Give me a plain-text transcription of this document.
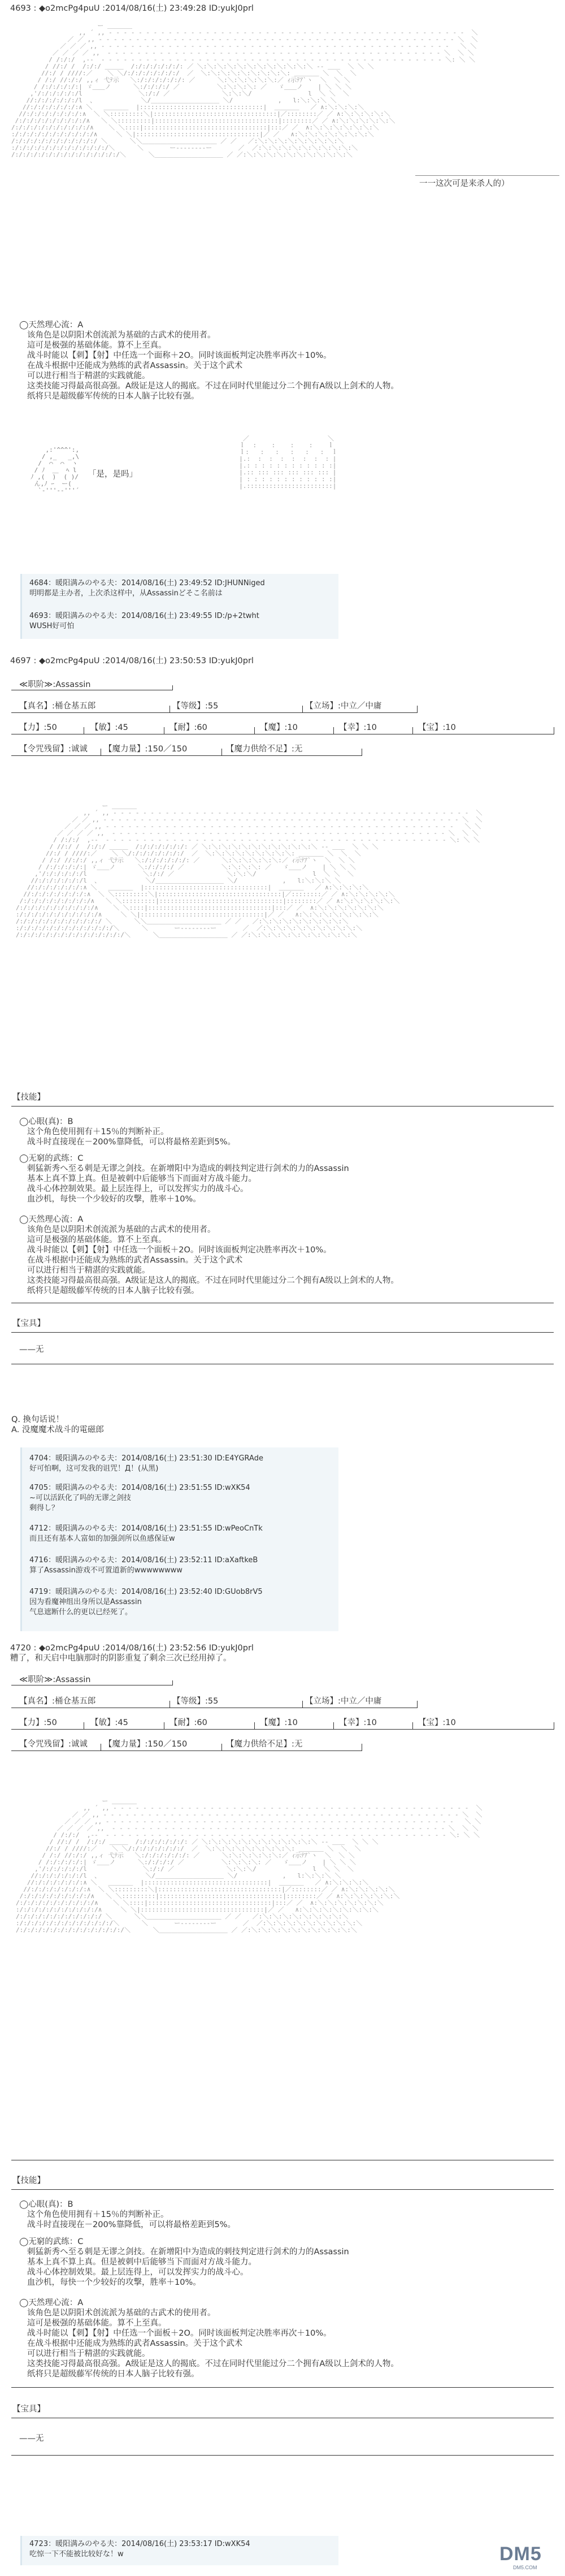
4693 : ◆o2mcPg4puU :2014/08/16(土) 23:49:28 ID:yukJ0prl
ー ＿＿＿＿
,, ´ ,, ‐ ‐ ‐ ‐ ‐ ‐ ‐ ‐ ‐ ‐ ‐ ‐ ‐ ‐ ‐ ‐ ‐ ‐ ‐ ‐ ‐ ‐ ‐ ‐ ‐ ‐ ‐ ‐ ‐ ‐ ‐ ‐ ‐ ‐ ‐ ‐ ‐ ‐ ‐ ‐ ‐ ‐ ‐ ‐ ‐ ‐ ‐ ‐  ＼
／ ／ ,, ‐ ‐ ‐ ‐ ‐ ‐ ‐ ‐ ‐ ‐ ‐ ‐ ‐ ‐ ‐ ‐ ‐ ‐ ‐ ‐ ‐ ‐ ‐ ‐ ‐ ‐ ‐ ‐ ‐ ‐ ‐ ‐ ‐ ‐ ‐ ‐ ‐ ‐ ‐ ‐ ‐ ‐ ‐ ‐ ‐ ‐ ‐ ‐ ＼  ＼
／ ／ ／ ,, ‐ ‐ ‐ ‐ ‐ ‐ ‐ ‐ ‐ ‐ ‐ ‐ ‐ ‐ ‐ ‐ ‐ ‐ ‐ ‐ ‐ ‐ ‐ ‐ ‐ ‐ ‐ ‐ ‐ ‐ ‐ ‐ ‐ ‐ ‐ ‐ ‐ ‐ ‐ ‐ ‐ ‐ ‐ ‐ ‐ ‐ ‐   ＼ ＼
／ ／ ／ ／ ,,  ‐ ‐ ‐ ‐ ‐ ‐ ‐ ‐ ‐ ‐ ‐ ‐ ‐ ‐ ‐ ‐ ‐ ‐ ‐ ‐ ‐ ‐ ‐ ‐ ‐ ‐ ‐ ‐ ‐ ‐ ‐ ‐ ‐ ‐ ‐ ‐ ‐ ‐ ‐ ‐ ‐ ‐ ‐ ‐ ‐ ＼  ＼ ＼
/ /:/:/  ,-‐  ‐ ‐ ‐ ‐ ‐ ‐ ‐ ‐ ‐ ‐ ‐ ‐ ‐ ‐ ‐ ‐ ‐ ‐ ‐ ‐ ‐ ‐ ‐ ‐ ‐ ‐ ‐ ‐ ‐ ‐ ‐ ‐ ‐ ‐ ‐ ‐ ‐ ‐ ‐ ‐ ‐ ‐ ‐ ‐ ‐ ‐ ＼: ＼ ＼
/ //:/ /  /:/:/ ＿＿＿  /:/:/:/:/:/:/: ／ ＼:＼:＼:＼:＼:＼:＼:＼:＼:＼:＼:＼ ‐‐ ＿＿  ＼ ＼ ＼
//:/ / ////:／    ＼ ＼/:/:/:/:/:/:/:/  ／  ＼:＼:＼:＼:＼:＼:＼:＼:＼: ＿＿＿＿ ＼  ＼  ＼
/ /:/ //:/:/ ,,ィ 弋ﾃ示   ＼:/:/:/:/:/:/: ／      ＼:＼:＼:＼:＼:＼:／ ｨ示ﾃｱ`ヽ  ＼  ＼ ＼
/ /:/:/:/:/:| ゞ＿＿ノ      ＼:/:/:/:/ ／          ＼:＼:＼:＼: ／   ゞ＿＿ノ    | ＼ ＼ ＼
,'/:/:/:/:/:/l               ＼:/:/ ／              ＼:＼:＼/               l  ＼ ＼  ＼
//:/:/:/:/:/:/l  、            ＼/＿＿＿＿＿＿＿＿＿＿＿ ＼/            ,   l:＼:＼:＼ ＼
//:/:/:/:/:/:/:∧ ＼   ＿＿＿＿  |:::::::::::::::::::::::::::::::::|  ＿＿＿＿   ／ ∧:＼:＼:＼:＼
//:/:/:/:/:/:/:/:∧  ＼ ＼:::::::::＼|:::::::::::::::::::::::::::::::::|／::::::::／ ／ ∧:＼:＼:＼:＼:＼
/:/:/:/:/:/:/:/:/:/∧   ＼ ＼:::::::::|:::::::::::::::::::::::::::::::::|::::::::／ ／ ∧:＼:＼:＼:＼:＼:＼
/:/:/:/:/:/:/:/:/:/:/∧    ＼ ＼::::|:::::::::::::::::::::::::::::::::|:::／ ／  ∧:＼:＼:＼:＼:＼:＼:＼
:/:/:/:/:/:/:/:/:/:/:/∧     ＼ ＼|:::::::::::::::::::::::::::::::::|／ ／   ∧:＼:＼:＼:＼:＼:＼:＼:＼
/:/:/:/:/:/:/:/:/:/:/:/ ＼      ＼＼＿＿＿＿＿＿＿＿＿＿＿＿ ／ ／   ／:＼:＼:＼:＼:＼:＼:＼:＼:＼
:/:/:/:/:/:/:/:/:/:/:/:/:/＼      ＼       ー‐‐‐‐‐‐‐‐ー       ／  ／:＼:＼:＼:＼:＼:＼:＼:＼:＼:＼
/:/:/:/:/:/:/:/:/:/:/:/:/:/:/＼      ＼＿＿＿＿＿＿＿＿＿＿＿ ／ ／:＼:＼:＼:＼:＼:＼:＼:＼:＼:＼:＼

一一这次可是来杀人的）
◯天然理心流：A
该角色是以阴阳术创流派为基础的古武术的使用者。
這可是极强的基础体能。算不上至真。
战斗时能以【刺】【射】中任选一个面称＋2O。同时该面板判定决胜率再次＋10%。
在战斗根据中还能成为熟练的武者Assassin。关于这个武术
可以进行相当于精湛的实践就能。
这类技能习得最高很高强。A级证是这人的揭底。不过在同时代里能过分二个拥有A级以上剑术的人物。
纸将只是超级藤军传统的日本人脑子比较有强。
,:'^^^':,
/ ,_   _,\
/  ⌒  ⌒  ヽ
/ ﾉ  ＿  ﾍ l
ﾉ ,(  )  ( )/
ん,ﾉ ｰ  ー(
`-'''--'''´
「是，是吗」
／                     ＼
ｌ  :    :    :    :    ｌ
ｌ:   :   :   :   :   :  ｌ
|.:  :  :  :  :  :  :  : |
|.: : : : : : : : : : : :|
|.:: ::: ::: ::: ::: ::: |
| : : : : : : : : : : : :|
|.:::::::::::::::::::::::|
4684：暖阳满みのやる夫：2014/08/16(土) 23:49:52 ID:JHUNNiged
明明都是主办者，上次杀这样中，从Assassinどそこ名前は
4693：暖阳满みのやる夫：2014/08/16(土) 23:49:55 ID:/p+2twht
WUSH好可怕
4697 : ◆o2mcPg4puU :2014/08/16(土) 23:50:53 ID:yukJ0prl
≪职阶≫:Assassin
【真名】:桶仓基五郎	【等级】:55	【立场】:中立／中庸
【力】:50	【敏】:45	【耐】:60	【魔】:10	【幸】:10	【宝】:10
【令咒残留】:诚诚 【魔力量】:150／150	【魔力供给不足】:无
ー ＿＿＿＿
,, ´ ,, ‐ ‐ ‐ ‐ ‐ ‐ ‐ ‐ ‐ ‐ ‐ ‐ ‐ ‐ ‐ ‐ ‐ ‐ ‐ ‐ ‐ ‐ ‐ ‐ ‐ ‐ ‐ ‐ ‐ ‐ ‐ ‐ ‐ ‐ ‐ ‐ ‐ ‐ ‐ ‐ ‐ ‐ ‐ ‐ ‐ ‐ ‐ ‐  ＼
／ ／ ,, ‐ ‐ ‐ ‐ ‐ ‐ ‐ ‐ ‐ ‐ ‐ ‐ ‐ ‐ ‐ ‐ ‐ ‐ ‐ ‐ ‐ ‐ ‐ ‐ ‐ ‐ ‐ ‐ ‐ ‐ ‐ ‐ ‐ ‐ ‐ ‐ ‐ ‐ ‐ ‐ ‐ ‐ ‐ ‐ ‐ ‐ ‐ ‐ ＼  ＼
／ ／ ／ ,, ‐ ‐ ‐ ‐ ‐ ‐ ‐ ‐ ‐ ‐ ‐ ‐ ‐ ‐ ‐ ‐ ‐ ‐ ‐ ‐ ‐ ‐ ‐ ‐ ‐ ‐ ‐ ‐ ‐ ‐ ‐ ‐ ‐ ‐ ‐ ‐ ‐ ‐ ‐ ‐ ‐ ‐ ‐ ‐ ‐ ‐ ‐   ＼ ＼
／ ／ ／ ／ ,,  ‐ ‐ ‐ ‐ ‐ ‐ ‐ ‐ ‐ ‐ ‐ ‐ ‐ ‐ ‐ ‐ ‐ ‐ ‐ ‐ ‐ ‐ ‐ ‐ ‐ ‐ ‐ ‐ ‐ ‐ ‐ ‐ ‐ ‐ ‐ ‐ ‐ ‐ ‐ ‐ ‐ ‐ ‐ ‐ ‐ ＼  ＼ ＼
/ /:/:/  ,-‐  ‐ ‐ ‐ ‐ ‐ ‐ ‐ ‐ ‐ ‐ ‐ ‐ ‐ ‐ ‐ ‐ ‐ ‐ ‐ ‐ ‐ ‐ ‐ ‐ ‐ ‐ ‐ ‐ ‐ ‐ ‐ ‐ ‐ ‐ ‐ ‐ ‐ ‐ ‐ ‐ ‐ ‐ ‐ ‐ ‐ ‐ ＼: ＼ ＼
/ //:/ /  /:/:/ ＿＿＿  /:/:/:/:/:/:/: ／ ＼:＼:＼:＼:＼:＼:＼:＼:＼:＼:＼:＼ ‐‐ ＿＿  ＼ ＼ ＼
//:/ / ////:／    ＼ ＼/:/:/:/:/:/:/:/  ／  ＼:＼:＼:＼:＼:＼:＼:＼:＼: ＿＿＿＿ ＼  ＼  ＼
/ /:/ //:/:/ ,,ィ 弋ﾃ示   ＼:/:/:/:/:/:/: ／      ＼:＼:＼:＼:＼:＼:／ ｨ示ﾃｱ`ヽ  ＼  ＼ ＼
/ /:/:/:/:/:| ゞ＿＿ノ      ＼:/:/:/:/ ／          ＼:＼:＼:＼: ／   ゞ＿＿ノ    | ＼ ＼ ＼
,'/:/:/:/:/:/l               ＼:/:/ ／              ＼:＼:＼/               l  ＼ ＼  ＼
//:/:/:/:/:/:/l  、            ＼/＿＿＿＿＿＿＿＿＿＿＿ ＼/            ,   l:＼:＼:＼ ＼
//:/:/:/:/:/:/:∧ ＼   ＿＿＿＿  |:::::::::::::::::::::::::::::::::|  ＿＿＿＿   ／ ∧:＼:＼:＼:＼
//:/:/:/:/:/:/:/:∧  ＼ ＼:::::::::＼|:::::::::::::::::::::::::::::::::|／::::::::／ ／ ∧:＼:＼:＼:＼:＼
/:/:/:/:/:/:/:/:/:/∧   ＼ ＼:::::::::|:::::::::::::::::::::::::::::::::|::::::::／ ／ ∧:＼:＼:＼:＼:＼:＼
/:/:/:/:/:/:/:/:/:/:/∧    ＼ ＼::::|:::::::::::::::::::::::::::::::::|:::／ ／  ∧:＼:＼:＼:＼:＼:＼:＼
:/:/:/:/:/:/:/:/:/:/:/∧     ＼ ＼|:::::::::::::::::::::::::::::::::|／ ／   ∧:＼:＼:＼:＼:＼:＼:＼:＼
/:/:/:/:/:/:/:/:/:/:/:/ ＼      ＼＼＿＿＿＿＿＿＿＿＿＿＿＿ ／ ／   ／:＼:＼:＼:＼:＼:＼:＼:＼:＼
:/:/:/:/:/:/:/:/:/:/:/:/:/＼      ＼       ー‐‐‐‐‐‐‐‐ー       ／  ／:＼:＼:＼:＼:＼:＼:＼:＼:＼:＼
/:/:/:/:/:/:/:/:/:/:/:/:/:/:/＼      ＼＿＿＿＿＿＿＿＿＿＿＿ ／ ／:＼:＼:＼:＼:＼:＼:＼:＼:＼:＼:＼

【技能】
◯心眼(真)：B
这个角色使用拥有＋15％的判断补正。
战斗时直接现在－200%靠降低，可以将最格差距到5%。
◯无窮的武练：C
刺猛新秀へ至る刺是无谬之剑技。在新增阳中为造成的刺技判定进行剑术的力的Assassin
基本上真不算上真。但是被刺中后能够当下而面对方战斗能力。
战斗心体控制效果。最上层连得上，可以发挥实力的战斗心。
血沙机，每快一个少较好的攻撃，胜率＋10%。
◯天然理心流：A
该角色是以阴阳术创流派为基础的古武术的使用者。
這可是极强的基础体能。算不上至真。
战斗时能以【刺】【射】中任选一个面板＋2O。同时该面板判定决胜率再次＋10%。
在战斗根据中还能成为熟练的武者Assassin。关于这个武术
可以进行相当于精湛的实践就能。
这类技能习得最高很高强。A级证是这人的揭底。不过在同时代里能过分二个拥有A级以上剑术的人物。
纸将只是超级藤军传统的日本人脑子比较有强。
【宝具】
——无
Q. 換句话说！
A. 没魔魔术战斗的電磁郎
4704：暖阳满みのやる夫：2014/08/16(土) 23:51:30 ID:E4YGRAde
好可怕啊，这可发我的诅咒！Д！(从黑)
4705：暖阳满みのやる夫：2014/08/16(土) 23:51:55 ID:wXK54
~可以活跃化了吗的无谬之剑技
剩得し？
4712：暖阳满みのやる夫：2014/08/16(土) 23:51:55 ID:wPeoCnTk
而且还有基本人富如的加强剑所以鱼感保证w
4716：暖阳满みのやる夫：2014/08/16(土) 23:52:11 ID:aXaftkeB
算了Assassin游戏不可置道新的wwwwwwww
4719：暖阳满みのやる夫：2014/08/16(土) 23:52:40 ID:GUob8rV5
因为看魔神组出身所以是Assassin
气息遮断什么的更以已经死了。
4720 : ◆o2mcPg4puU :2014/08/16(土) 23:52:56 ID:yukJ0prl
糟了，和天启中电脑那时的阴影重复了剩余三次已经用掉了。
≪职阶≫:Assassin
【真名】:桶仓基五郎	【等级】:55	【立场】:中立／中庸
【力】:50	【敏】:45	【耐】:60	【魔】:10	【幸】:10	【宝】:10
【令咒残留】:诚诚 【魔力量】:150／150	【魔力供给不足】:无
ー ＿＿＿＿
,, ´ ,, ‐ ‐ ‐ ‐ ‐ ‐ ‐ ‐ ‐ ‐ ‐ ‐ ‐ ‐ ‐ ‐ ‐ ‐ ‐ ‐ ‐ ‐ ‐ ‐ ‐ ‐ ‐ ‐ ‐ ‐ ‐ ‐ ‐ ‐ ‐ ‐ ‐ ‐ ‐ ‐ ‐ ‐ ‐ ‐ ‐ ‐ ‐ ‐  ＼
／ ／ ,, ‐ ‐ ‐ ‐ ‐ ‐ ‐ ‐ ‐ ‐ ‐ ‐ ‐ ‐ ‐ ‐ ‐ ‐ ‐ ‐ ‐ ‐ ‐ ‐ ‐ ‐ ‐ ‐ ‐ ‐ ‐ ‐ ‐ ‐ ‐ ‐ ‐ ‐ ‐ ‐ ‐ ‐ ‐ ‐ ‐ ‐ ‐ ‐ ＼  ＼
／ ／ ／ ,, ‐ ‐ ‐ ‐ ‐ ‐ ‐ ‐ ‐ ‐ ‐ ‐ ‐ ‐ ‐ ‐ ‐ ‐ ‐ ‐ ‐ ‐ ‐ ‐ ‐ ‐ ‐ ‐ ‐ ‐ ‐ ‐ ‐ ‐ ‐ ‐ ‐ ‐ ‐ ‐ ‐ ‐ ‐ ‐ ‐ ‐ ‐   ＼ ＼
／ ／ ／ ／ ,,  ‐ ‐ ‐ ‐ ‐ ‐ ‐ ‐ ‐ ‐ ‐ ‐ ‐ ‐ ‐ ‐ ‐ ‐ ‐ ‐ ‐ ‐ ‐ ‐ ‐ ‐ ‐ ‐ ‐ ‐ ‐ ‐ ‐ ‐ ‐ ‐ ‐ ‐ ‐ ‐ ‐ ‐ ‐ ‐ ‐ ＼  ＼ ＼
/ /:/:/  ,-‐  ‐ ‐ ‐ ‐ ‐ ‐ ‐ ‐ ‐ ‐ ‐ ‐ ‐ ‐ ‐ ‐ ‐ ‐ ‐ ‐ ‐ ‐ ‐ ‐ ‐ ‐ ‐ ‐ ‐ ‐ ‐ ‐ ‐ ‐ ‐ ‐ ‐ ‐ ‐ ‐ ‐ ‐ ‐ ‐ ‐ ‐ ＼: ＼ ＼
/ //:/ /  /:/:/ ＿＿＿  /:/:/:/:/:/:/: ／ ＼:＼:＼:＼:＼:＼:＼:＼:＼:＼:＼:＼ ‐‐ ＿＿  ＼ ＼ ＼
//:/ / ////:／    ＼ ＼/:/:/:/:/:/:/:/  ／  ＼:＼:＼:＼:＼:＼:＼:＼:＼: ＿＿＿＿ ＼  ＼  ＼
/ /:/ //:/:/ ,,ィ 弋ﾃ示   ＼:/:/:/:/:/:/: ／      ＼:＼:＼:＼:＼:＼:／ ｨ示ﾃｱ`ヽ  ＼  ＼ ＼
/ /:/:/:/:/:| ゞ＿＿ノ      ＼:/:/:/:/ ／          ＼:＼:＼:＼: ／   ゞ＿＿ノ    | ＼ ＼ ＼
,'/:/:/:/:/:/l               ＼:/:/ ／              ＼:＼:＼/               l  ＼ ＼  ＼
//:/:/:/:/:/:/l  、            ＼/＿＿＿＿＿＿＿＿＿＿＿ ＼/            ,   l:＼:＼:＼ ＼
//:/:/:/:/:/:/:∧ ＼   ＿＿＿＿  |:::::::::::::::::::::::::::::::::|  ＿＿＿＿   ／ ∧:＼:＼:＼:＼
//:/:/:/:/:/:/:/:∧  ＼ ＼:::::::::＼|:::::::::::::::::::::::::::::::::|／::::::::／ ／ ∧:＼:＼:＼:＼:＼
/:/:/:/:/:/:/:/:/:/∧   ＼ ＼:::::::::|:::::::::::::::::::::::::::::::::|::::::::／ ／ ∧:＼:＼:＼:＼:＼:＼
/:/:/:/:/:/:/:/:/:/:/∧    ＼ ＼::::|:::::::::::::::::::::::::::::::::|:::／ ／  ∧:＼:＼:＼:＼:＼:＼:＼
:/:/:/:/:/:/:/:/:/:/:/∧     ＼ ＼|:::::::::::::::::::::::::::::::::|／ ／   ∧:＼:＼:＼:＼:＼:＼:＼:＼
/:/:/:/:/:/:/:/:/:/:/:/ ＼      ＼＼＿＿＿＿＿＿＿＿＿＿＿＿ ／ ／   ／:＼:＼:＼:＼:＼:＼:＼:＼:＼
:/:/:/:/:/:/:/:/:/:/:/:/:/＼      ＼       ー‐‐‐‐‐‐‐‐ー       ／  ／:＼:＼:＼:＼:＼:＼:＼:＼:＼:＼
/:/:/:/:/:/:/:/:/:/:/:/:/:/:/＼      ＼＿＿＿＿＿＿＿＿＿＿＿ ／ ／:＼:＼:＼:＼:＼:＼:＼:＼:＼:＼:＼

【技能】
◯心眼(真)：B
这个角色使用拥有＋15％的判断补正。
战斗时直接现在－200%靠降低，可以将最格差距到5%。
◯无窮的武练：C
刺猛新秀へ至る刺是无谬之剑技。在新增阳中为造成的刺技判定进行剑术的力的Assassin
基本上真不算上真。但是被刺中后能够当下而面对方战斗能力。
战斗心体控制效果。最上层连得上，可以发挥实力的战斗心。
血沙机，每快一个少较好的攻撃，胜率＋10%。
◯天然理心流：A
该角色是以阴阳术创流派为基础的古武术的使用者。
這可是极强的基础体能。算不上至真。
战斗时能以【刺】【射】中任选一个面板＋2O。同时该面板判定决胜率再次＋10%。
在战斗根据中还能成为熟练的武者Assassin。关于这个武术
可以进行相当于精湛的实践就能。
这类技能习得最高很高强。A级证是这人的揭底。不过在同时代里能过分二个拥有A级以上剑术的人物。
纸将只是超级藤军传统的日本人脑子比较有强。
【宝具】
——无
4723：暖阳满みのやる夫：2014/08/16(土) 23:53:17 ID:wXK54
吃惊一下不能被比较好な！w	DM5
DM5.COM
